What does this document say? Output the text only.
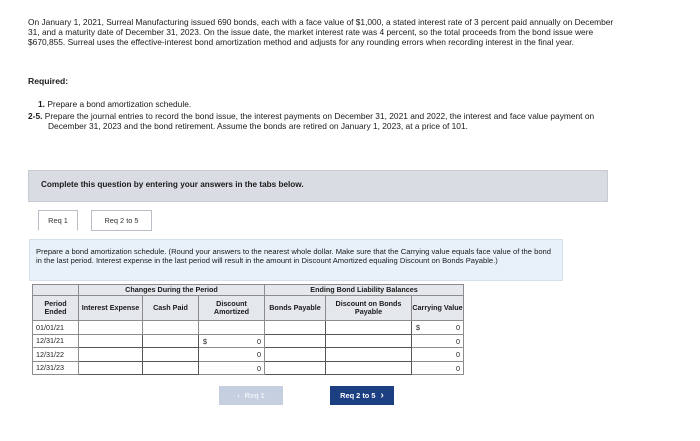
On January 1, 2021, Surreal Manufacturing issued 690 bonds, each with a face value of $1,000, a stated interest rate of 3 percent paid annually on December 31, and a maturity date of December 31, 2023. On the issue date, the market interest rate was 4 percent, so the total proceeds from the bond issue were $670,855. Surreal uses the effective-interest bond amortization method and adjusts for any rounding errors when recording interest in the final year.
Required:
1. Prepare a bond amortization schedule.
2-5. Prepare the journal entries to record the bond issue, the interest payments on December 31, 2021 and 2022, the interest and face value payment on December 31, 2023 and the bond retirement. Assume the bonds are retired on January 1, 2023, at a price of 101.
Complete this question by entering your answers in the tabs below.
Req 1	Req 2 to 5
Prepare a bond amortization schedule. (Round your answers to the nearest whole dollar. Make sure that the Carrying value equals face value of the bond in the last period. Interest expense in the last period will result in the amount in Discount Amortized equaling Discount on Bonds Payable.)
	Changes During the Period			Ending Bond Liability Balances		
Period Ended	Interest Expense	Cash Paid	Discount Amortized	Bonds Payable	Discount on Bonds Payable	Carrying Value
01/01/21						$ 0

12/31/21			$ 0			0

12/31/22			0			0

12/31/23			0			0
‹ Req 1	Req 2 to 5 ›
